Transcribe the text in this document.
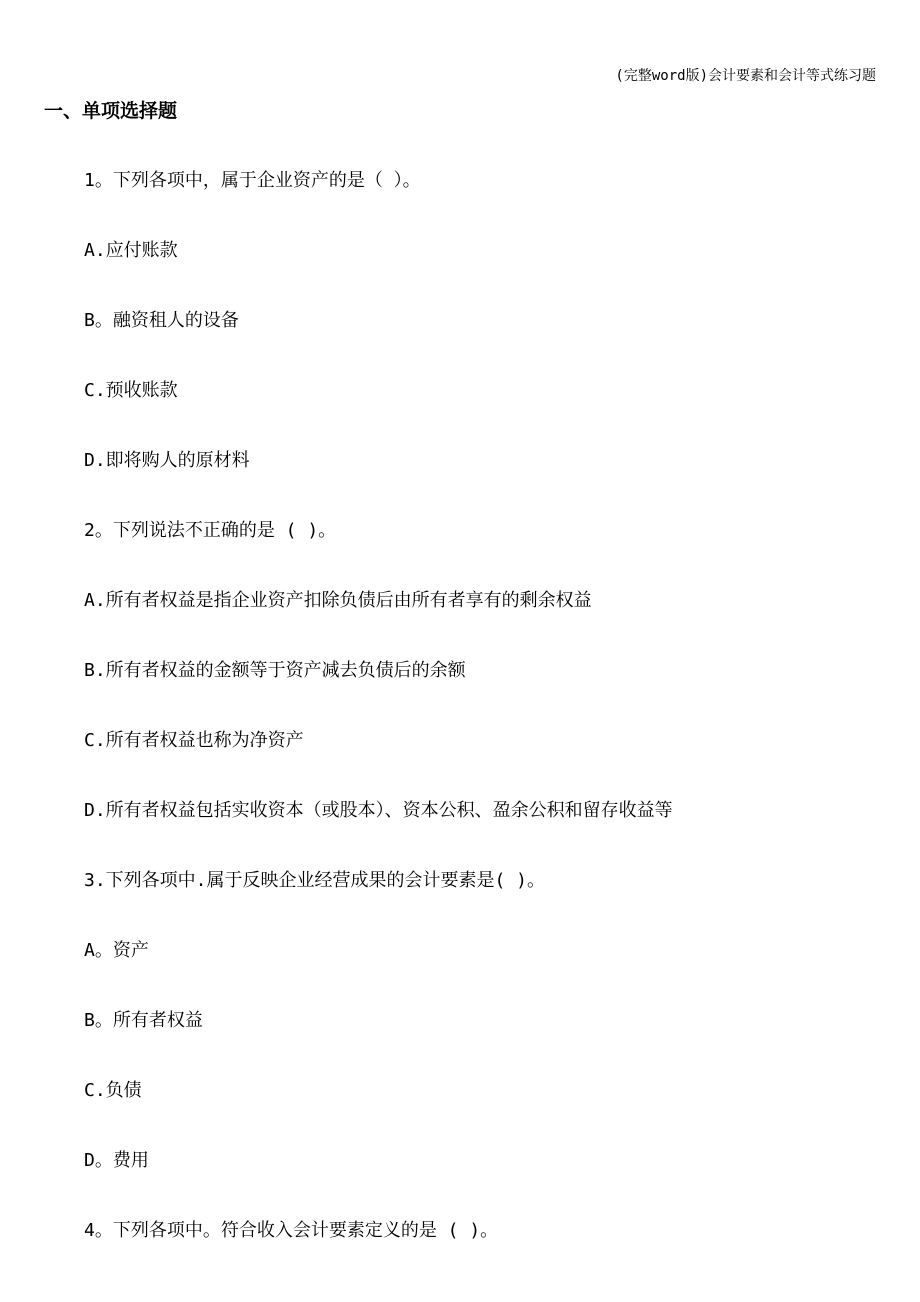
(完整word版)会计要素和会计等式练习题
一、单项选择题
1。下列各项中，属于企业资产的是（ ）。
A.应付账款
B。融资租人的设备
C.预收账款
D.即将购人的原材料
2。下列说法不正确的是 ( )。
A.所有者权益是指企业资产扣除负债后由所有者享有的剩余权益
B.所有者权益的金额等于资产减去负债后的余额
C.所有者权益也称为净资产
D.所有者权益包括实收资本（或股本）、资本公积、盈余公积和留存收益等
3.下列各项中.属于反映企业经营成果的会计要素是( )。
A。资产
B。所有者权益
C.负债
D。费用
4。下列各项中。符合收入会计要素定义的是 ( )。
